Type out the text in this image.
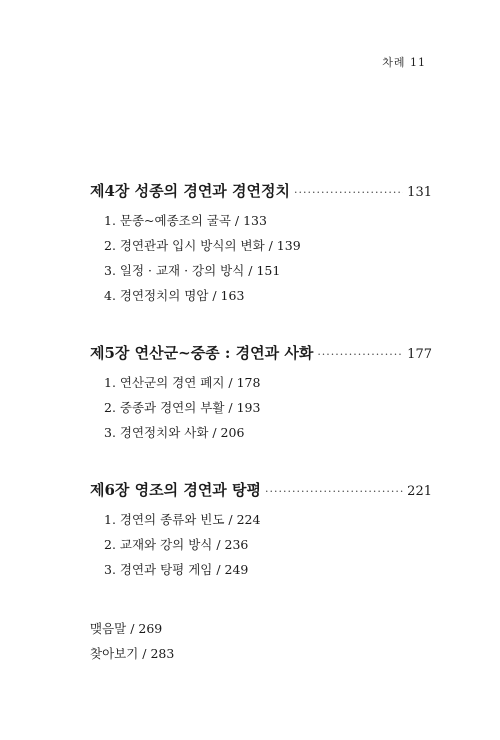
차례 11
제4장 성종의 경연과 경연정치 ·····	131
1. 문종~예종조의 굴곡 / 133
2. 경연관과 입시 방식의 변화 / 139
3. 일정 · 교재 · 강의 방식 / 151
4. 경연정치의 명암 / 163
제5장 연산군~중종 : 경연과 사화 ·····	177
1. 연산군의 경연 폐지 / 178
2. 중종과 경연의 부활 / 193
3. 경연정치와 사화 / 206
제6장 영조의 경연과 탕평 ·····	221
1. 경연의 종류와 빈도 / 224
2. 교재와 강의 방식 / 236
3. 경연과 탕평 게임 / 249
맺음말 / 269
찾아보기 / 283
